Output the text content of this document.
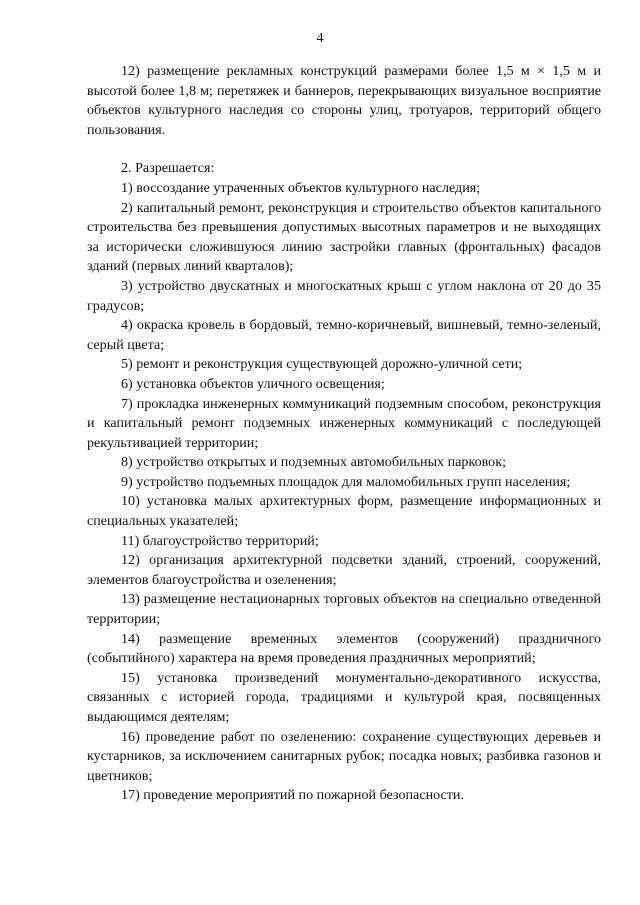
4

12) размещение рекламных конструкций размерами более 1,5 м × 1,5 м и высотой более 1,8 м; перетяжек и баннеров, перекрывающих визуальное восприятие объектов культурного наследия со стороны улиц, тротуаров, территорий общего пользования.

2. Разрешается:

1) воссоздание утраченных объектов культурного наследия;

2) капитальный ремонт, реконструкция и строительство объектов капитального строительства без превышения допустимых высотных параметров и не выходящих за исторически сложившуюся линию застройки главных (фронтальных) фасадов зданий (первых линий кварталов);

3) устройство двускатных и многоскатных крыш с углом наклона от 20 до 35 градусов;

4) окраска кровель в бордовый, темно-коричневый, вишневый, темно-зеленый, серый цвета;

5) ремонт и реконструкция существующей дорожно-уличной сети;

6) установка объектов уличного освещения;

7) прокладка инженерных коммуникаций подземным способом, реконструкция и капитальный ремонт подземных инженерных коммуникаций с последующей рекультивацией территории;

8) устройство открытых и подземных автомобильных парковок;

9) устройство подъемных площадок для маломобильных групп населения;

10) установка малых архитектурных форм, размещение информационных и специальных указателей;

11) благоустройство территорий;

12) организация архитектурной подсветки зданий, строений, сооружений, элементов благоустройства и озеленения;

13) размещение нестационарных торговых объектов на специально отведенной территории;

14) размещение временных элементов (сооружений) праздничного (событийного) характера на время проведения праздничных мероприятий;

15) установка произведений монументально-декоративного искусства, связанных с историей города, традициями и культурой края, посвященных выдающимся деятелям;

16) проведение работ по озеленению: сохранение существующих деревьев и кустарников, за исключением санитарных рубок; посадка новых; разбивка газонов и цветников;

17) проведение мероприятий по пожарной безопасности.
